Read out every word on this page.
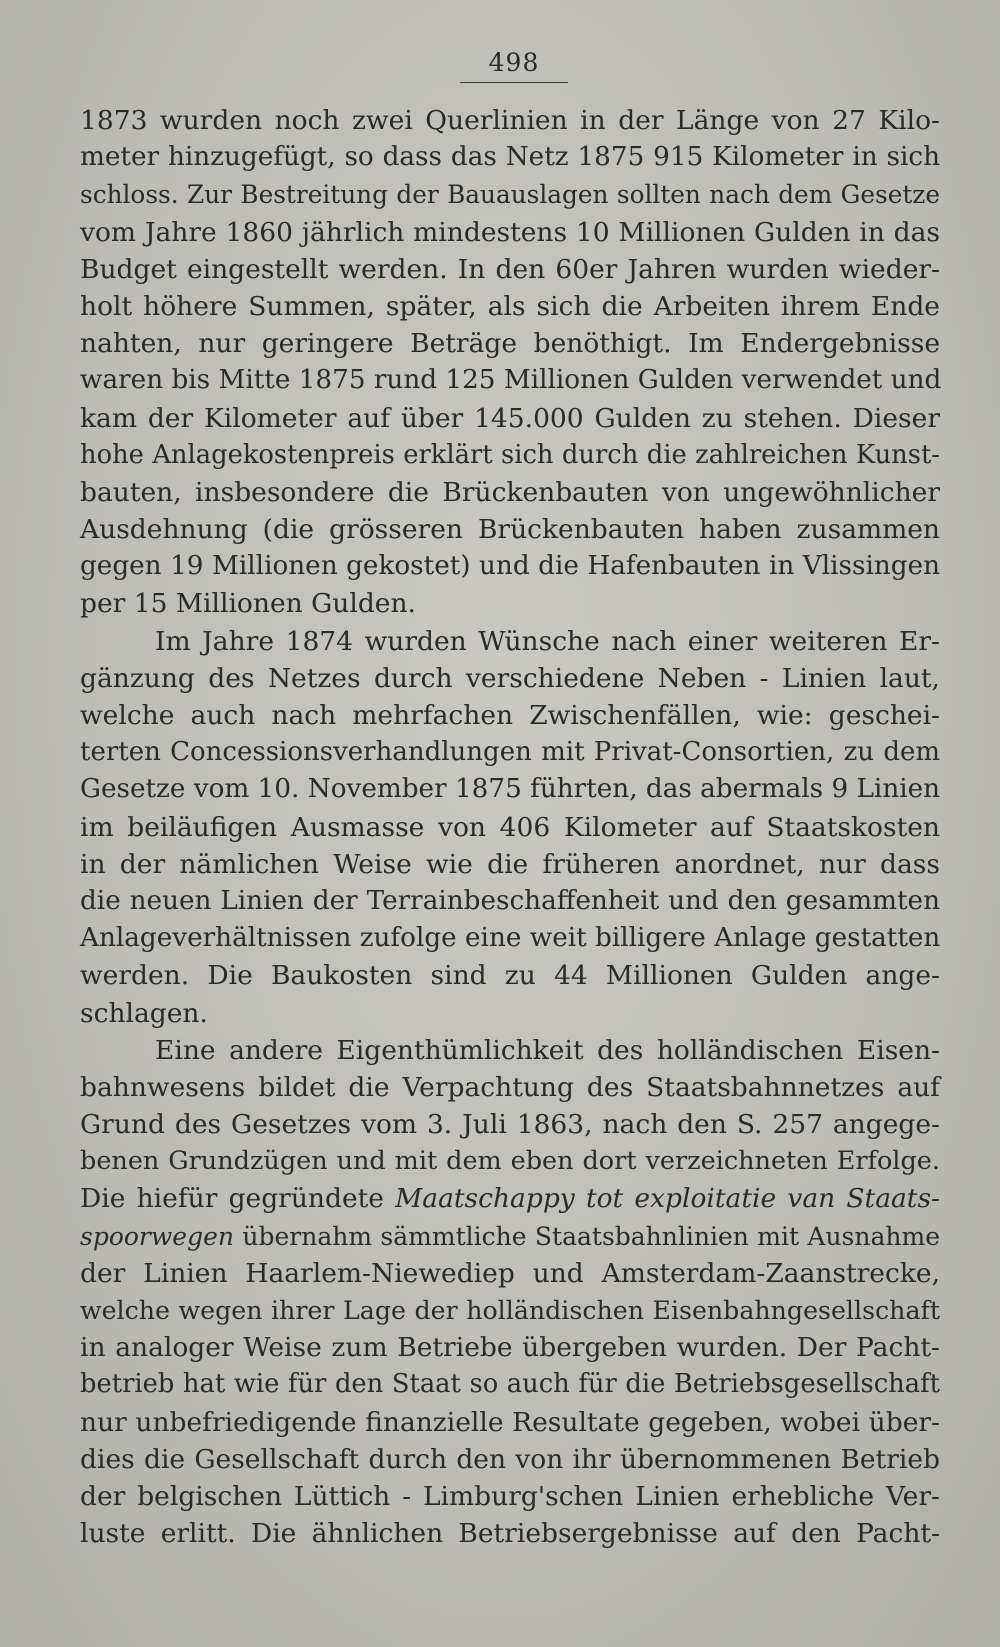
498
1873 wurden noch zwei Querlinien in der Länge von 27 Kilo-
meter hinzugefügt, so dass das Netz 1875 915 Kilometer in sich
schloss. Zur Bestreitung der Bauauslagen sollten nach dem Gesetze
vom Jahre 1860 jährlich mindestens 10 Millionen Gulden in das
Budget eingestellt werden. In den 60er Jahren wurden wieder-
holt höhere Summen, später, als sich die Arbeiten ihrem Ende
nahten, nur geringere Beträge benöthigt. Im Endergebnisse
waren bis Mitte 1875 rund 125 Millionen Gulden verwendet und
kam der Kilometer auf über 145.000 Gulden zu stehen. Dieser
hohe Anlagekostenpreis erklärt sich durch die zahlreichen Kunst-
bauten, insbesondere die Brückenbauten von ungewöhnlicher
Ausdehnung (die grösseren Brückenbauten haben zusammen
gegen 19 Millionen gekostet) und die Hafenbauten in Vlissingen
per 15 Millionen Gulden.
Im Jahre 1874 wurden Wünsche nach einer weiteren Er-
gänzung des Netzes durch verschiedene Neben - Linien laut,
welche auch nach mehrfachen Zwischenfällen, wie: geschei-
terten Concessionsverhandlungen mit Privat-Consortien, zu dem
Gesetze vom 10. November 1875 führten, das abermals 9 Linien
im beiläufigen Ausmasse von 406 Kilometer auf Staatskosten
in der nämlichen Weise wie die früheren anordnet, nur dass
die neuen Linien der Terrainbeschaffenheit und den gesammten
Anlageverhältnissen zufolge eine weit billigere Anlage gestatten
werden. Die Baukosten sind zu 44 Millionen Gulden ange-
schlagen.
Eine andere Eigenthümlichkeit des holländischen Eisen-
bahnwesens bildet die Verpachtung des Staatsbahnnetzes auf
Grund des Gesetzes vom 3. Juli 1863, nach den S. 257 angege-
benen Grundzügen und mit dem eben dort verzeichneten Erfolge.
Die hiefür gegründete Maatschappy tot exploitatie van Staats-
spoorwegen übernahm sämmtliche Staatsbahnlinien mit Ausnahme
der Linien Haarlem-Niewediep und Amsterdam-Zaanstrecke,
welche wegen ihrer Lage der holländischen Eisenbahngesellschaft
in analoger Weise zum Betriebe übergeben wurden. Der Pacht-
betrieb hat wie für den Staat so auch für die Betriebsgesellschaft
nur unbefriedigende finanzielle Resultate gegeben, wobei über-
dies die Gesellschaft durch den von ihr übernommenen Betrieb
der belgischen Lüttich - Limburg'schen Linien erhebliche Ver-
luste erlitt. Die ähnlichen Betriebsergebnisse auf den Pacht-
